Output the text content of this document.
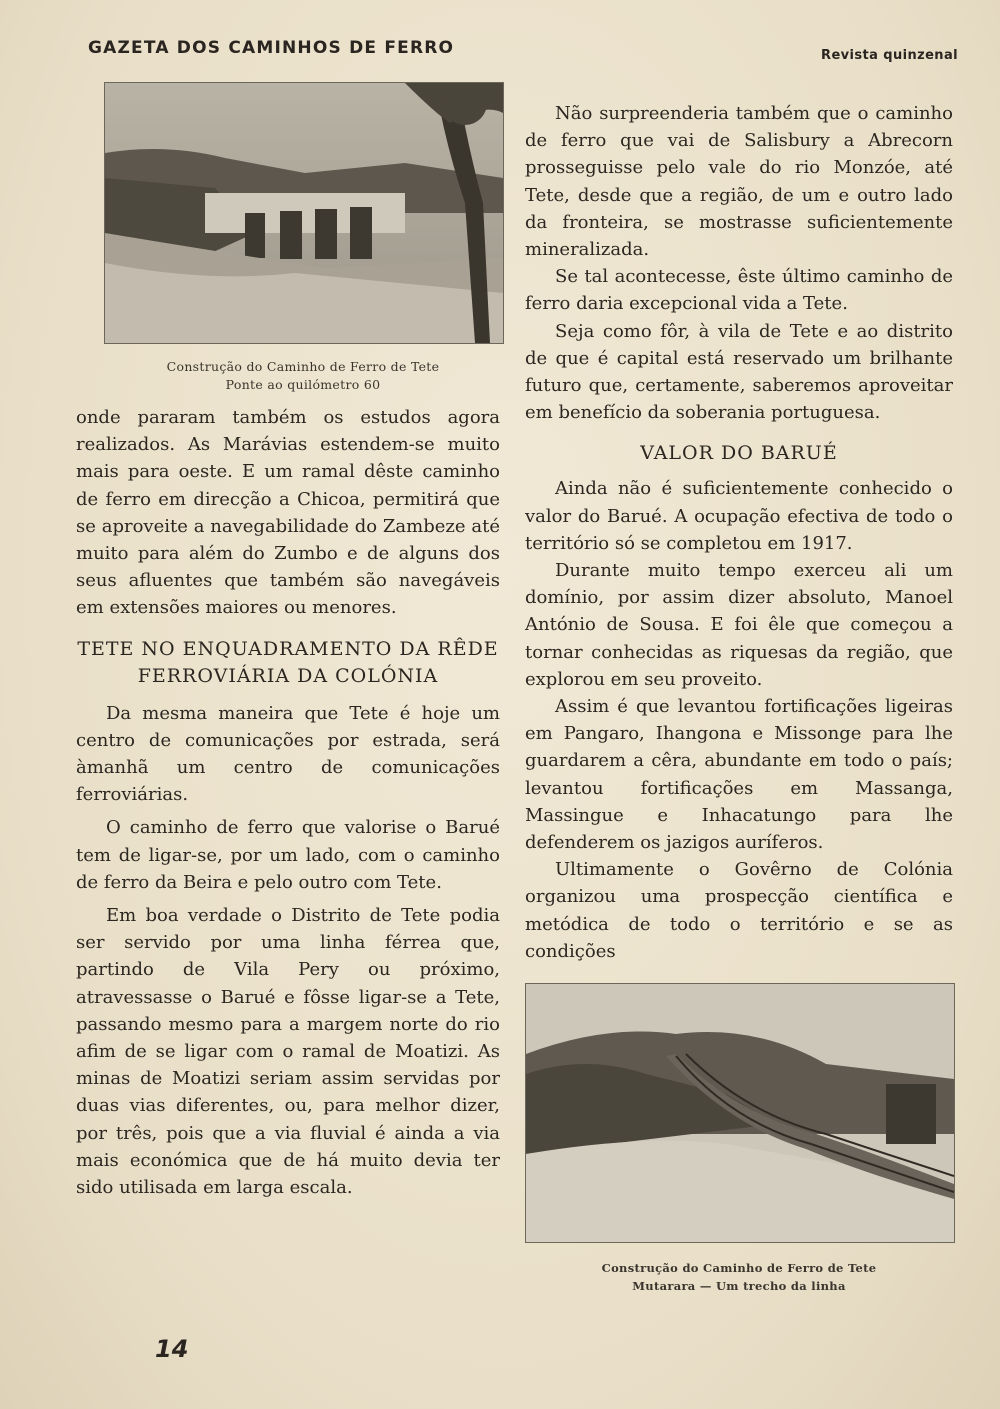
GAZETA DOS CAMINHOS DE FERRO	Revista quinzenal
Construção do Caminho de Ferro de Tete
Ponte ao quilómetro 60

onde pararam também os estudos agora realizados. As Marávias estendem-se muito mais para oeste. E um ramal dêste caminho de ferro em direcção a Chicoa, permitirá que se aproveite a navegabilidade do Zambeze até muito para além do Zumbo e de alguns dos seus afluentes que também são navegáveis em extensões maiores ou menores.

TETE NO ENQUADRAMENTO DA RÊDE
FERROVIÁRIA DA COLÓNIA

Da mesma maneira que Tete é hoje um centro de comunicações por estrada, será àmanhã um centro de comunicações ferroviárias.

O caminho de ferro que valorise o Barué tem de ligar-se, por um lado, com o caminho de ferro da Beira e pelo outro com Tete.

Em boa verdade o Distrito de Tete podia ser servido por uma linha férrea que, partindo de Vila Pery ou próximo, atravessasse o Barué e fôsse ligar-se a Tete, passando mesmo para a margem norte do rio afim de se ligar com o ramal de Moatizi. As minas de Moatizi seriam assim servidas por duas vias diferentes, ou, para melhor dizer, por três, pois que a via fluvial é ainda a via mais económica que de há muito devia ter sido utilisada em larga escala.

Não surpreenderia também que o caminho de ferro que vai de Salisbury a Abrecorn prosseguisse pelo vale do rio Monzóe, até Tete, desde que a região, de um e outro lado da fronteira, se mostrasse suficientemente mineralizada.

Se tal acontecesse, êste último caminho de ferro daria excepcional vida a Tete.

Seja como fôr, à vila de Tete e ao distrito de que é capital está reservado um brilhante futuro que, certamente, saberemos aproveitar em benefício da soberania portuguesa.

VALOR DO BARUÉ

Ainda não é suficientemente conhecido o valor do Barué. A ocupação efectiva de todo o território só se completou em 1917.

Durante muito tempo exerceu ali um domínio, por assim dizer absoluto, Manoel António de Sousa. E foi êle que começou a tornar conhecidas as riquesas da região, que explorou em seu proveito.

Assim é que levantou fortificações ligeiras em Pangaro, Ihangona e Missonge para lhe guardarem a cêra, abundante em todo o país; levantou fortificações em Massanga, Massingue e Inhacatungo para lhe defenderem os jazigos auríferos.

Ultimamente o Govêrno de Colónia organizou uma prospecção científica e metódica de todo o território e se as condições

Construção do Caminho de Ferro de Tete
Mutarara — Um trecho da linha
14
